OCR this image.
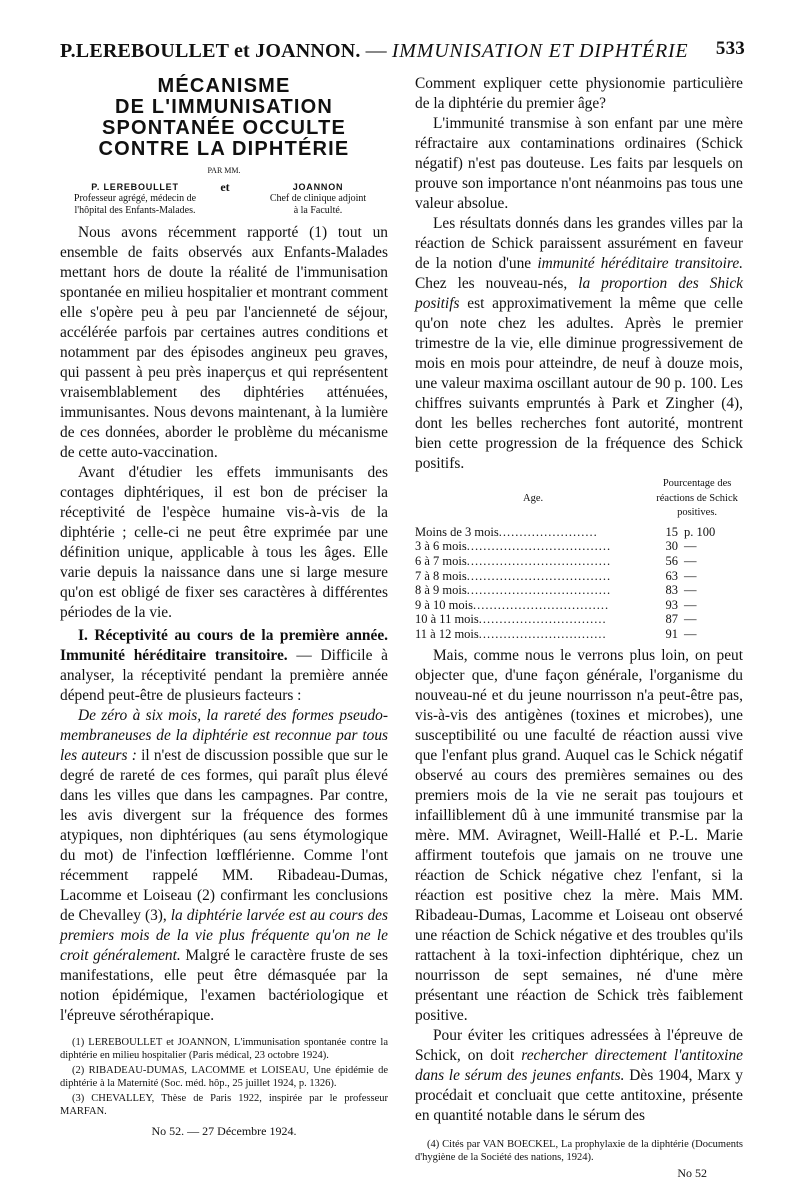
P.LEREBOULLET et JOANNON. — IMMUNISATION ET DIPHTÉRIE 533
MÉCANISME
DE L'IMMUNISATION
SPONTANÉE OCCULTE
CONTRE LA DIPHTÉRIE
PAR MM.
P. LEREBOULLET
Professeur agrégé, médecin de
l'hôpital des Enfants-Malades.
et	JOANNON
Chef de clinique adjoint
à la Faculté.

Nous avons récemment rapporté (1) tout un ensemble de faits observés aux Enfants-Malades mettant hors de doute la réalité de l'immunisation spontanée en milieu hospitalier et montrant comment elle s'opère peu à peu par l'ancienneté de séjour, accélérée parfois par certaines autres conditions et notamment par des épisodes angineux peu graves, qui passent à peu près inaperçus et qui représentent vraisemblablement des diphtéries atténuées, immunisantes. Nous devons maintenant, à la lumière de ces données, aborder le problème du mécanisme de cette auto-vaccination.

Avant d'étudier les effets immunisants des contages diphtériques, il est bon de préciser la réceptivité de l'espèce humaine vis-à-vis de la diphtérie ; celle-ci ne peut être exprimée par une définition unique, applicable à tous les âges. Elle varie depuis la naissance dans une si large mesure qu'on est obligé de fixer ses caractères à différentes périodes de la vie.

I. Réceptivité au cours de la première année. Immunité héréditaire transitoire. — Difficile à analyser, la réceptivité pendant la première année dépend peut-être de plusieurs facteurs :

De zéro à six mois, la rareté des formes pseudo-membraneuses de la diphtérie est reconnue par tous les auteurs : il n'est de discussion possible que sur le degré de rareté de ces formes, qui paraît plus élevé dans les villes que dans les campagnes. Par contre, les avis divergent sur la fréquence des formes atypiques, non diphtériques (au sens étymologique du mot) de l'infection lœfflérienne. Comme l'ont récemment rappelé MM. Ribadeau-Dumas, Lacomme et Loiseau (2) confirmant les conclusions de Chevalley (3), la diphtérie larvée est au cours des premiers mois de la vie plus fréquente qu'on ne le croit généralement. Malgré le caractère fruste de ses manifestations, elle peut être démasquée par la notion épidémique, l'examen bactériologique et l'épreuve sérothérapique.

(1) LEREBOULLET et JOANNON, L'immunisation spontanée contre la diphtérie en milieu hospitalier (Paris médical, 23 octobre 1924).
(2) RIBADEAU-DUMAS, LACOMME et LOISEAU, Une épidémie de diphtérie à la Maternité (Soc. méd. hôp., 25 juillet 1924, p. 1326).
(3) CHEVALLEY, Thèse de Paris 1922, inspirée par le professeur MARFAN.
No 52. — 27 Décembre 1924.

Comment expliquer cette physionomie particulière de la diphtérie du premier âge?

L'immunité transmise à son enfant par une mère réfractaire aux contaminations ordinaires (Schick négatif) n'est pas douteuse. Les faits par lesquels on prouve son importance n'ont néanmoins pas tous une valeur absolue.

Les résultats donnés dans les grandes villes par la réaction de Schick paraissent assurément en faveur de la notion d'une immunité héréditaire transitoire. Chez les nouveau-nés, la proportion des Shick positifs est approximativement la même que celle qu'on note chez les adultes. Après le premier trimestre de la vie, elle diminue progressivement de mois en mois pour atteindre, de neuf à douze mois, une valeur maxima oscillant autour de 90 p. 100. Les chiffres suivants empruntés à Park et Zingher (4), dont les belles recherches font autorité, montrent bien cette progression de la fréquence des Schick positifs.

Age.	Pourcentage des réactions de Schick positives.	
Moins de 3 mois........................	15	p. 100
3 à 6 mois...................................	30	—
6 à 7 mois...................................	56	—
7 à 8 mois...................................	63	—
8 à 9 mois...................................	83	—
9 à 10 mois.................................	93	—
10 à 11 mois...............................	87	—
11 à 12 mois...............................	91	—

Mais, comme nous le verrons plus loin, on peut objecter que, d'une façon générale, l'organisme du nouveau-né et du jeune nourrisson n'a peut-être pas, vis-à-vis des antigènes (toxines et microbes), une susceptibilité ou une faculté de réaction aussi vive que l'enfant plus grand. Auquel cas le Schick négatif observé au cours des premières semaines ou des premiers mois de la vie ne serait pas toujours et infailliblement dû à une immunité transmise par la mère. MM. Aviragnet, Weill-Hallé et P.-L. Marie affirment toutefois que jamais on ne trouve une réaction de Schick négative chez l'enfant, si la réaction est positive chez la mère. Mais MM. Ribadeau-Dumas, Lacomme et Loiseau ont observé une réaction de Schick négative et des troubles qu'ils rattachent à la toxi-infection diphtérique, chez un nourrisson de sept semaines, né d'une mère présentant une réaction de Schick très faiblement positive.

Pour éviter les critiques adressées à l'épreuve de Schick, on doit rechercher directement l'antitoxine dans le sérum des jeunes enfants. Dès 1904, Marx y procédait et concluait que cette antitoxine, présente en quantité notable dans le sérum des

(4) Cités par VAN BOECKEL, La prophylaxie de la diphtérie (Documents d'hygiène de la Société des nations, 1924).
No 52
